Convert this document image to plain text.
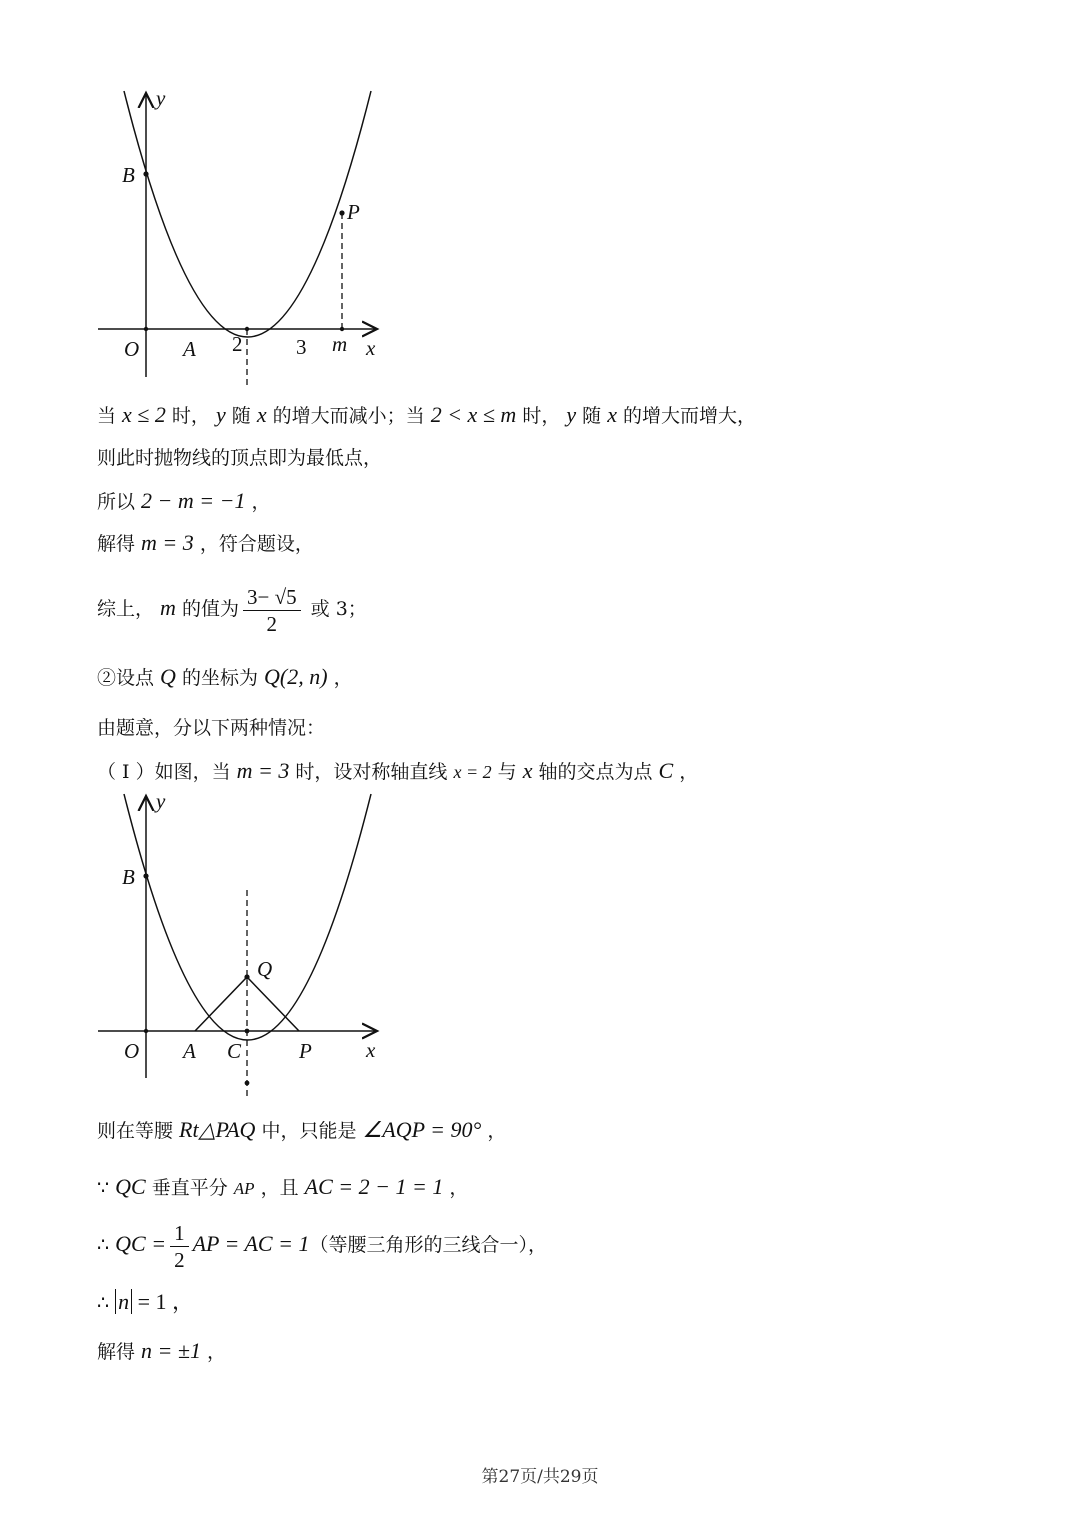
y
x
O
B
A
P
2	3 m
当 x ≤ 2 时， y 随 x 的增大而减小；当 2 < x ≤ m 时， y 随 x 的增大而增大，
则此时抛物线的顶点即为最低点，
所以 2 − m = −1 ，
解得 m = 3 ，符合题设，
综上， m 的值为 $\frac{3- √5}{2}$ 或 3；
②设点 Q 的坐标为 Q(2, n) ，
由题意，分以下两种情况：
（ Ⅰ ）如图，当 m = 3 时，设对称轴直线 x = 2 与 x 轴的交点为点 C ，
y
x
O
B
A C	P
Q
则在等腰 Rt△PAQ 中，只能是 ∠AQP = 90° ，
∵ QC 垂直平分 AP ，且 AC = 2 − 1 = 1 ，
∴ QC = $\frac{1}{2}$ AP = AC = 1（等腰三角形的三线合一），
∴ n = 1 ，
解得 n = ±1 ，
第27页/共29页
